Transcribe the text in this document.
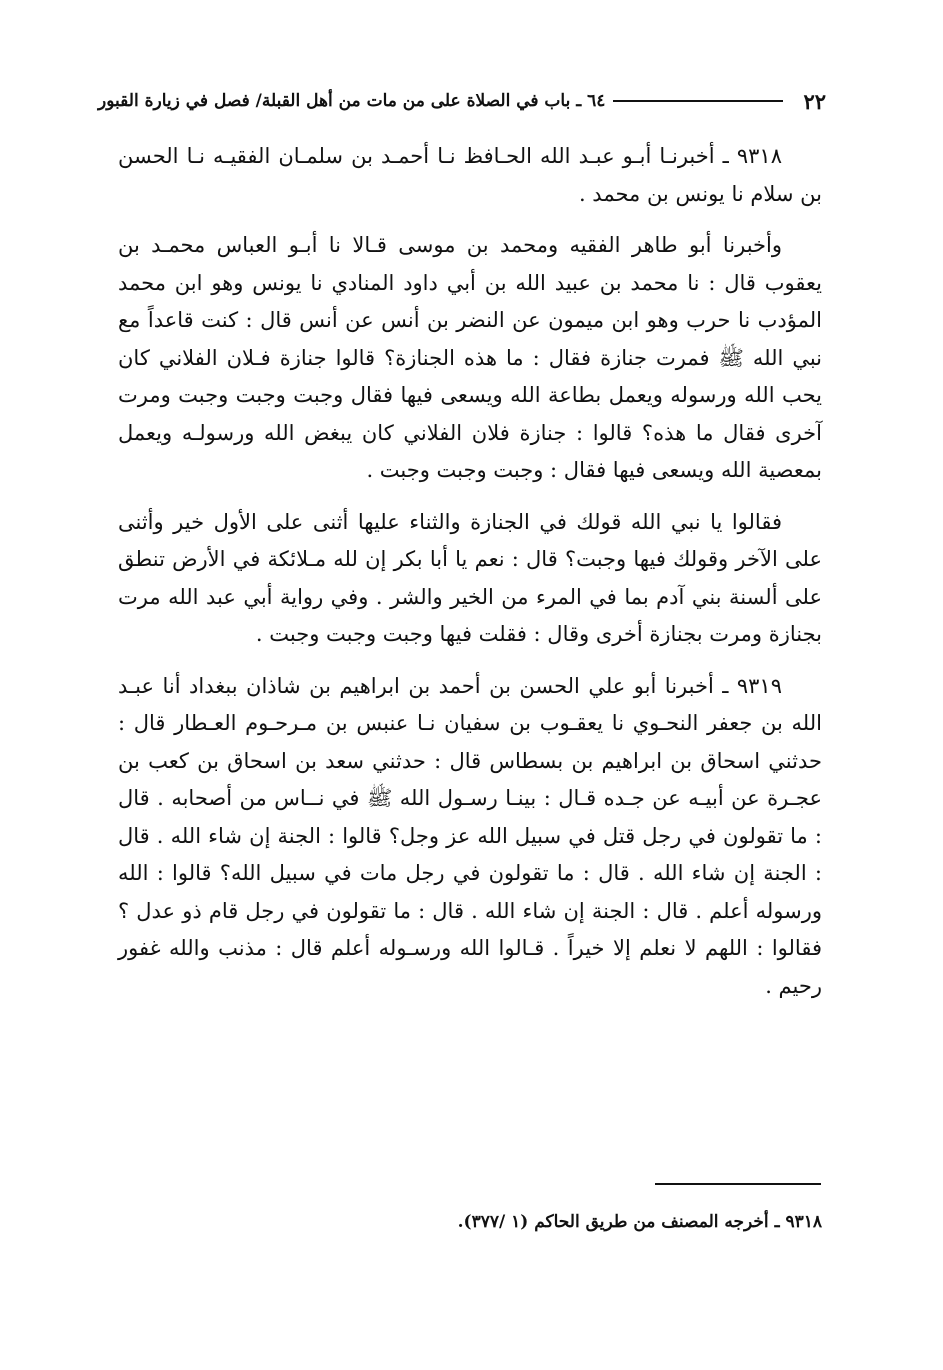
٢٢
٦٤ ـ باب في الصلاة على من مات من أهل القبلة/ فصل في زيارة القبور

٩٣١٨ ـ أخبرنـا أبـو عبـد الله الحـافظ نـا أحمـد بن سلمـان الفقيـه نـا الحسن بن سلام نا يونس بن محمد .

وأخبرنا أبو طاهر الفقيه ومحمد بن موسى قـالا نا أبـو العباس محمـد بن يعقوب قال : نا محمد بن عبيد الله بن أبي داود المنادي نا يونس وهو ابن محمد المؤدب نا حرب وهو ابن ميمون عن النضر بن أنس عن أنس قال : كنت قاعداً مع نبي الله ﷺ فمرت جنازة فقال : ما هذه الجنازة؟ قالوا جنازة فـلان الفلاني كان يحب الله ورسوله ويعمل بطاعة الله ويسعى فيها فقال وجبت وجبت وجبت ومرت آخرى فقال ما هذه؟ قالوا : جنازة فلان الفلاني كان يبغض الله ورسولـه ويعمل بمعصية الله ويسعى فيها فقال : وجبت وجبت وجبت .

فقالوا يا نبي الله قولك في الجنازة والثناء عليها أثنى على الأول خير وأثنى على الآخر وقولك فيها وجبت؟ قال : نعم يا أبا بكر إن لله مـلائكة في الأرض تنطق على ألسنة بني آدم بما في المرء من الخير والشر . وفي رواية أبي عبد الله مرت بجنازة ومرت بجنازة أخرى وقال : فقلت فيها وجبت وجبت وجبت .

٩٣١٩ ـ أخبرنا أبو علي الحسن بن أحمد بن ابراهيم بن شاذان ببغداد أنا عبـد الله بن جعفر النحـوي نا يعقـوب بن سفيان نـا عنبس بن مـرحـوم العـطار قال : حدثني اسحاق بن ابراهيم بن بسطاس قال : حدثني سعد بن اسحاق بن كعب بن عجـرة عن أبيـه عن جـده قـال : بينـا رسـول الله ﷺ في نــاس من أصحابه . قال : ما تقولون في رجل قتل في سبيل الله عز وجل؟ قالوا : الجنة إن شاء الله . قال : الجنة إن شاء الله . قال : ما تقولون في رجل مات في سبيل الله؟ قالوا : الله ورسوله أعلم . قال : الجنة إن شاء الله . قال : ما تقولون في رجل قام ذو عدل ؟ فقالوا : اللهم لا نعلم إلا خيراً . قـالوا الله ورسـوله أعلم قال : مذنب والله غفور رحيم .

٩٣١٨ ـ أخرجه المصنف من طريق الحاكم (١ /٣٧٧).
